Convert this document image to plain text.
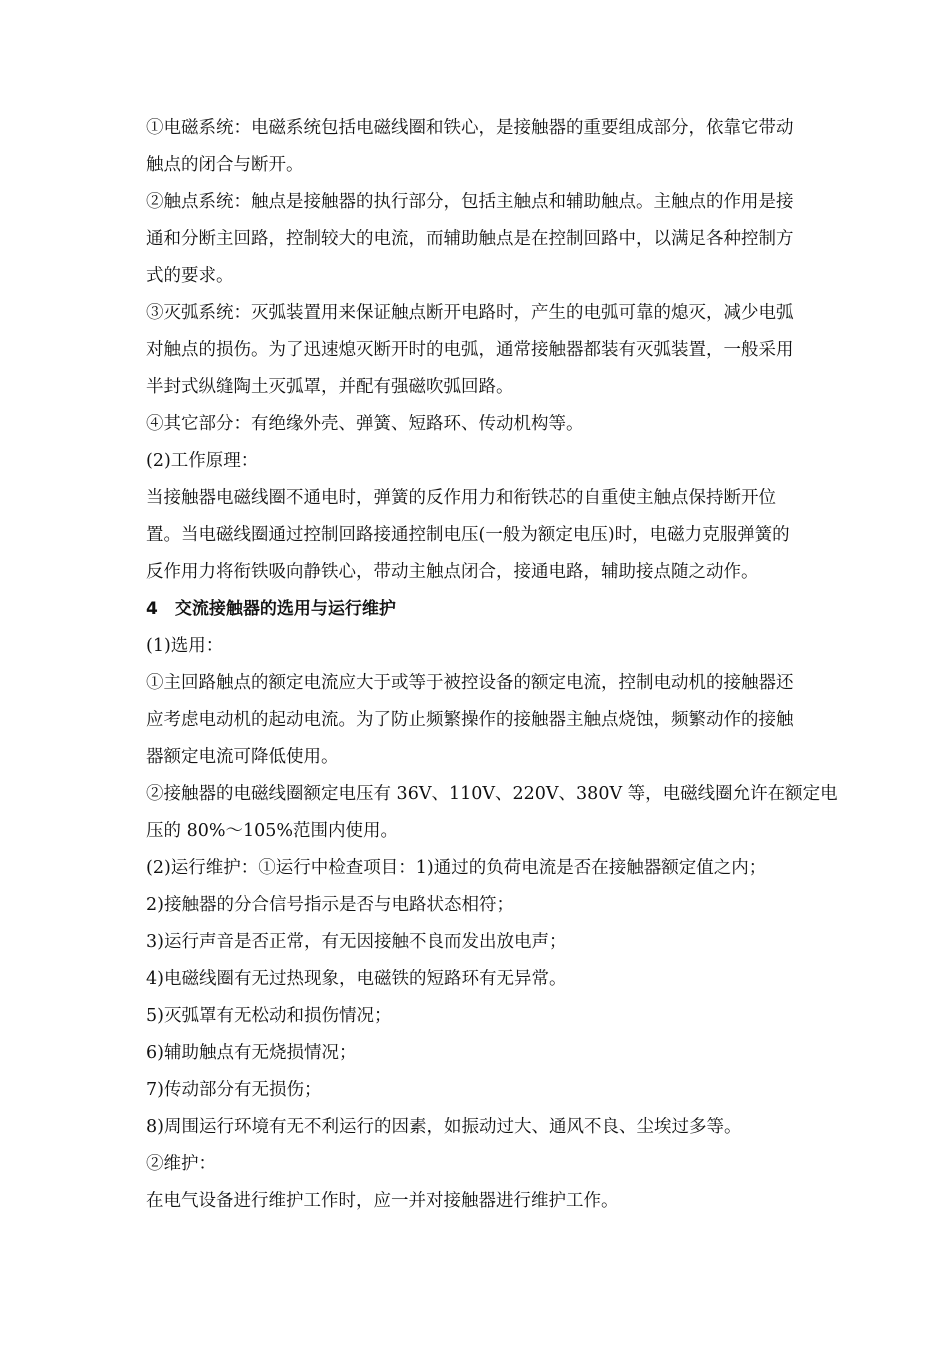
①电磁系统：电磁系统包括电磁线圈和铁心，是接触器的重要组成部分，依靠它带动
触点的闭合与断开。
②触点系统：触点是接触器的执行部分，包括主触点和辅助触点。主触点的作用是接
通和分断主回路，控制较大的电流，而辅助触点是在控制回路中，以满足各种控制方
式的要求。
③灭弧系统：灭弧装置用来保证触点断开电路时，产生的电弧可靠的熄灭，减少电弧
对触点的损伤。为了迅速熄灭断开时的电弧，通常接触器都装有灭弧装置，一般采用
半封式纵缝陶土灭弧罩，并配有强磁吹弧回路。
④其它部分：有绝缘外壳、弹簧、短路环、传动机构等。
(2)工作原理：
当接触器电磁线圈不通电时，弹簧的反作用力和衔铁芯的自重使主触点保持断开位
置。当电磁线圈通过控制回路接通控制电压(一般为额定电压)时，电磁力克服弹簧的
反作用力将衔铁吸向静铁心，带动主触点闭合，接通电路，辅助接点随之动作。
4　交流接触器的选用与运行维护
(1)选用：
①主回路触点的额定电流应大于或等于被控设备的额定电流，控制电动机的接触器还
应考虑电动机的起动电流。为了防止频繁操作的接触器主触点烧蚀，频繁动作的接触
器额定电流可降低使用。
②接触器的电磁线圈额定电压有 36V、110V、220V、380V 等，电磁线圈允许在额定电
压的 80%～105%范围内使用。
(2)运行维护：①运行中检查项目：1)通过的负荷电流是否在接触器额定值之内；
2)接触器的分合信号指示是否与电路状态相符；
3)运行声音是否正常，有无因接触不良而发出放电声；
4)电磁线圈有无过热现象，电磁铁的短路环有无异常。
5)灭弧罩有无松动和损伤情况；
6)辅助触点有无烧损情况；
7)传动部分有无损伤；
8)周围运行环境有无不利运行的因素，如振动过大、通风不良、尘埃过多等。
②维护：
在电气设备进行维护工作时，应一并对接触器进行维护工作。
